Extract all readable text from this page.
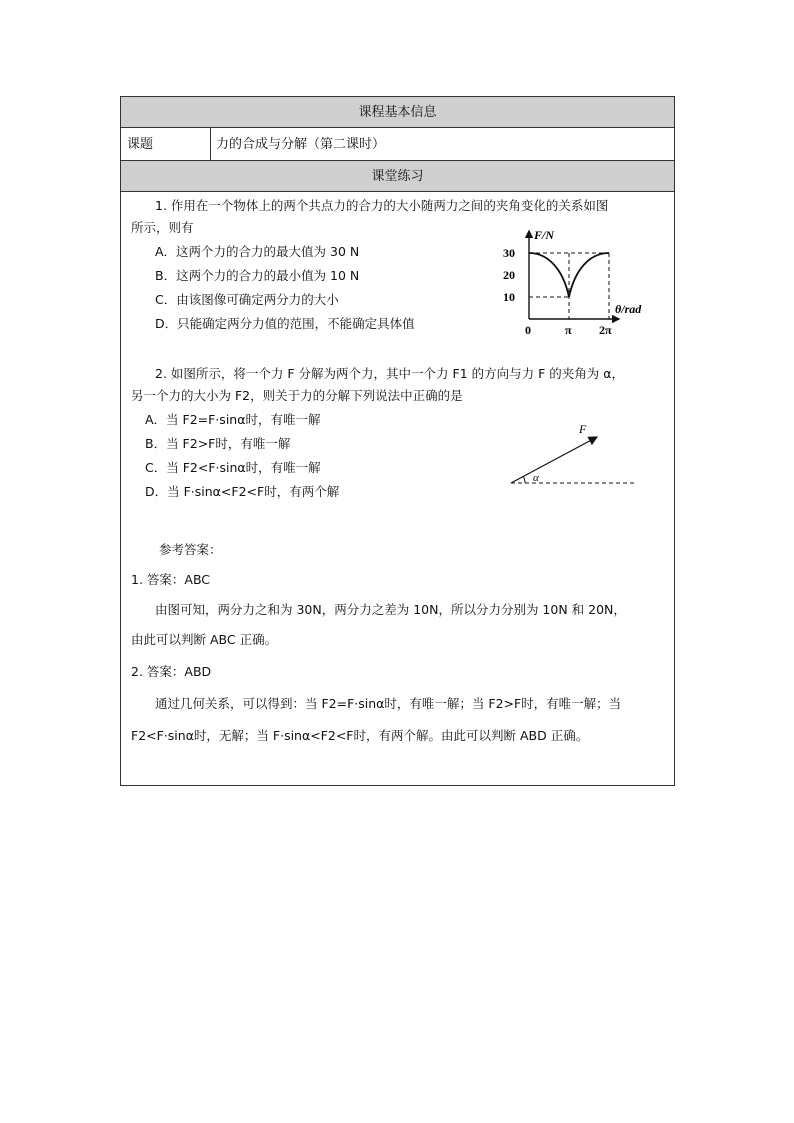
课程基本信息
课题	力的合成与分解（第二课时）
课堂练习
1. 作用在一个物体上的两个共点力的合力的大小随两力之间的夹角变化的关系如图
所示，则有
A．这两个力的合力的最大值为 30 N
B．这两个力的合力的最小值为 10 N
C．由该图像可确定两分力的大小
D．只能确定两分力值的范围，不能确定具体值
F/N
30
20
10
0	π 2π
θ/rad
2. 如图所示，将一个力 F 分解为两个力，其中一个力 F1 的方向与力 F 的夹角为 α，
另一个力的大小为 F2，则关于力的分解下列说法中正确的是
A．当 F2=F·sinα时，有唯一解
B．当 F2>F时，有唯一解
C．当 F2<F·sinα时，有唯一解
D．当 F·sinα<F2<F时，有两个解
F
α
参考答案：
1. 答案：ABC
由图可知，两分力之和为 30N，两分力之差为 10N，所以分力分别为 10N 和 20N，
由此可以判断 ABC 正确。
2. 答案：ABD
通过几何关系，可以得到：当 F2=F·sinα时，有唯一解；当 F2>F时，有唯一解；当
F2<F·sinα时，无解；当 F·sinα<F2<F时，有两个解。由此可以判断 ABD 正确。
